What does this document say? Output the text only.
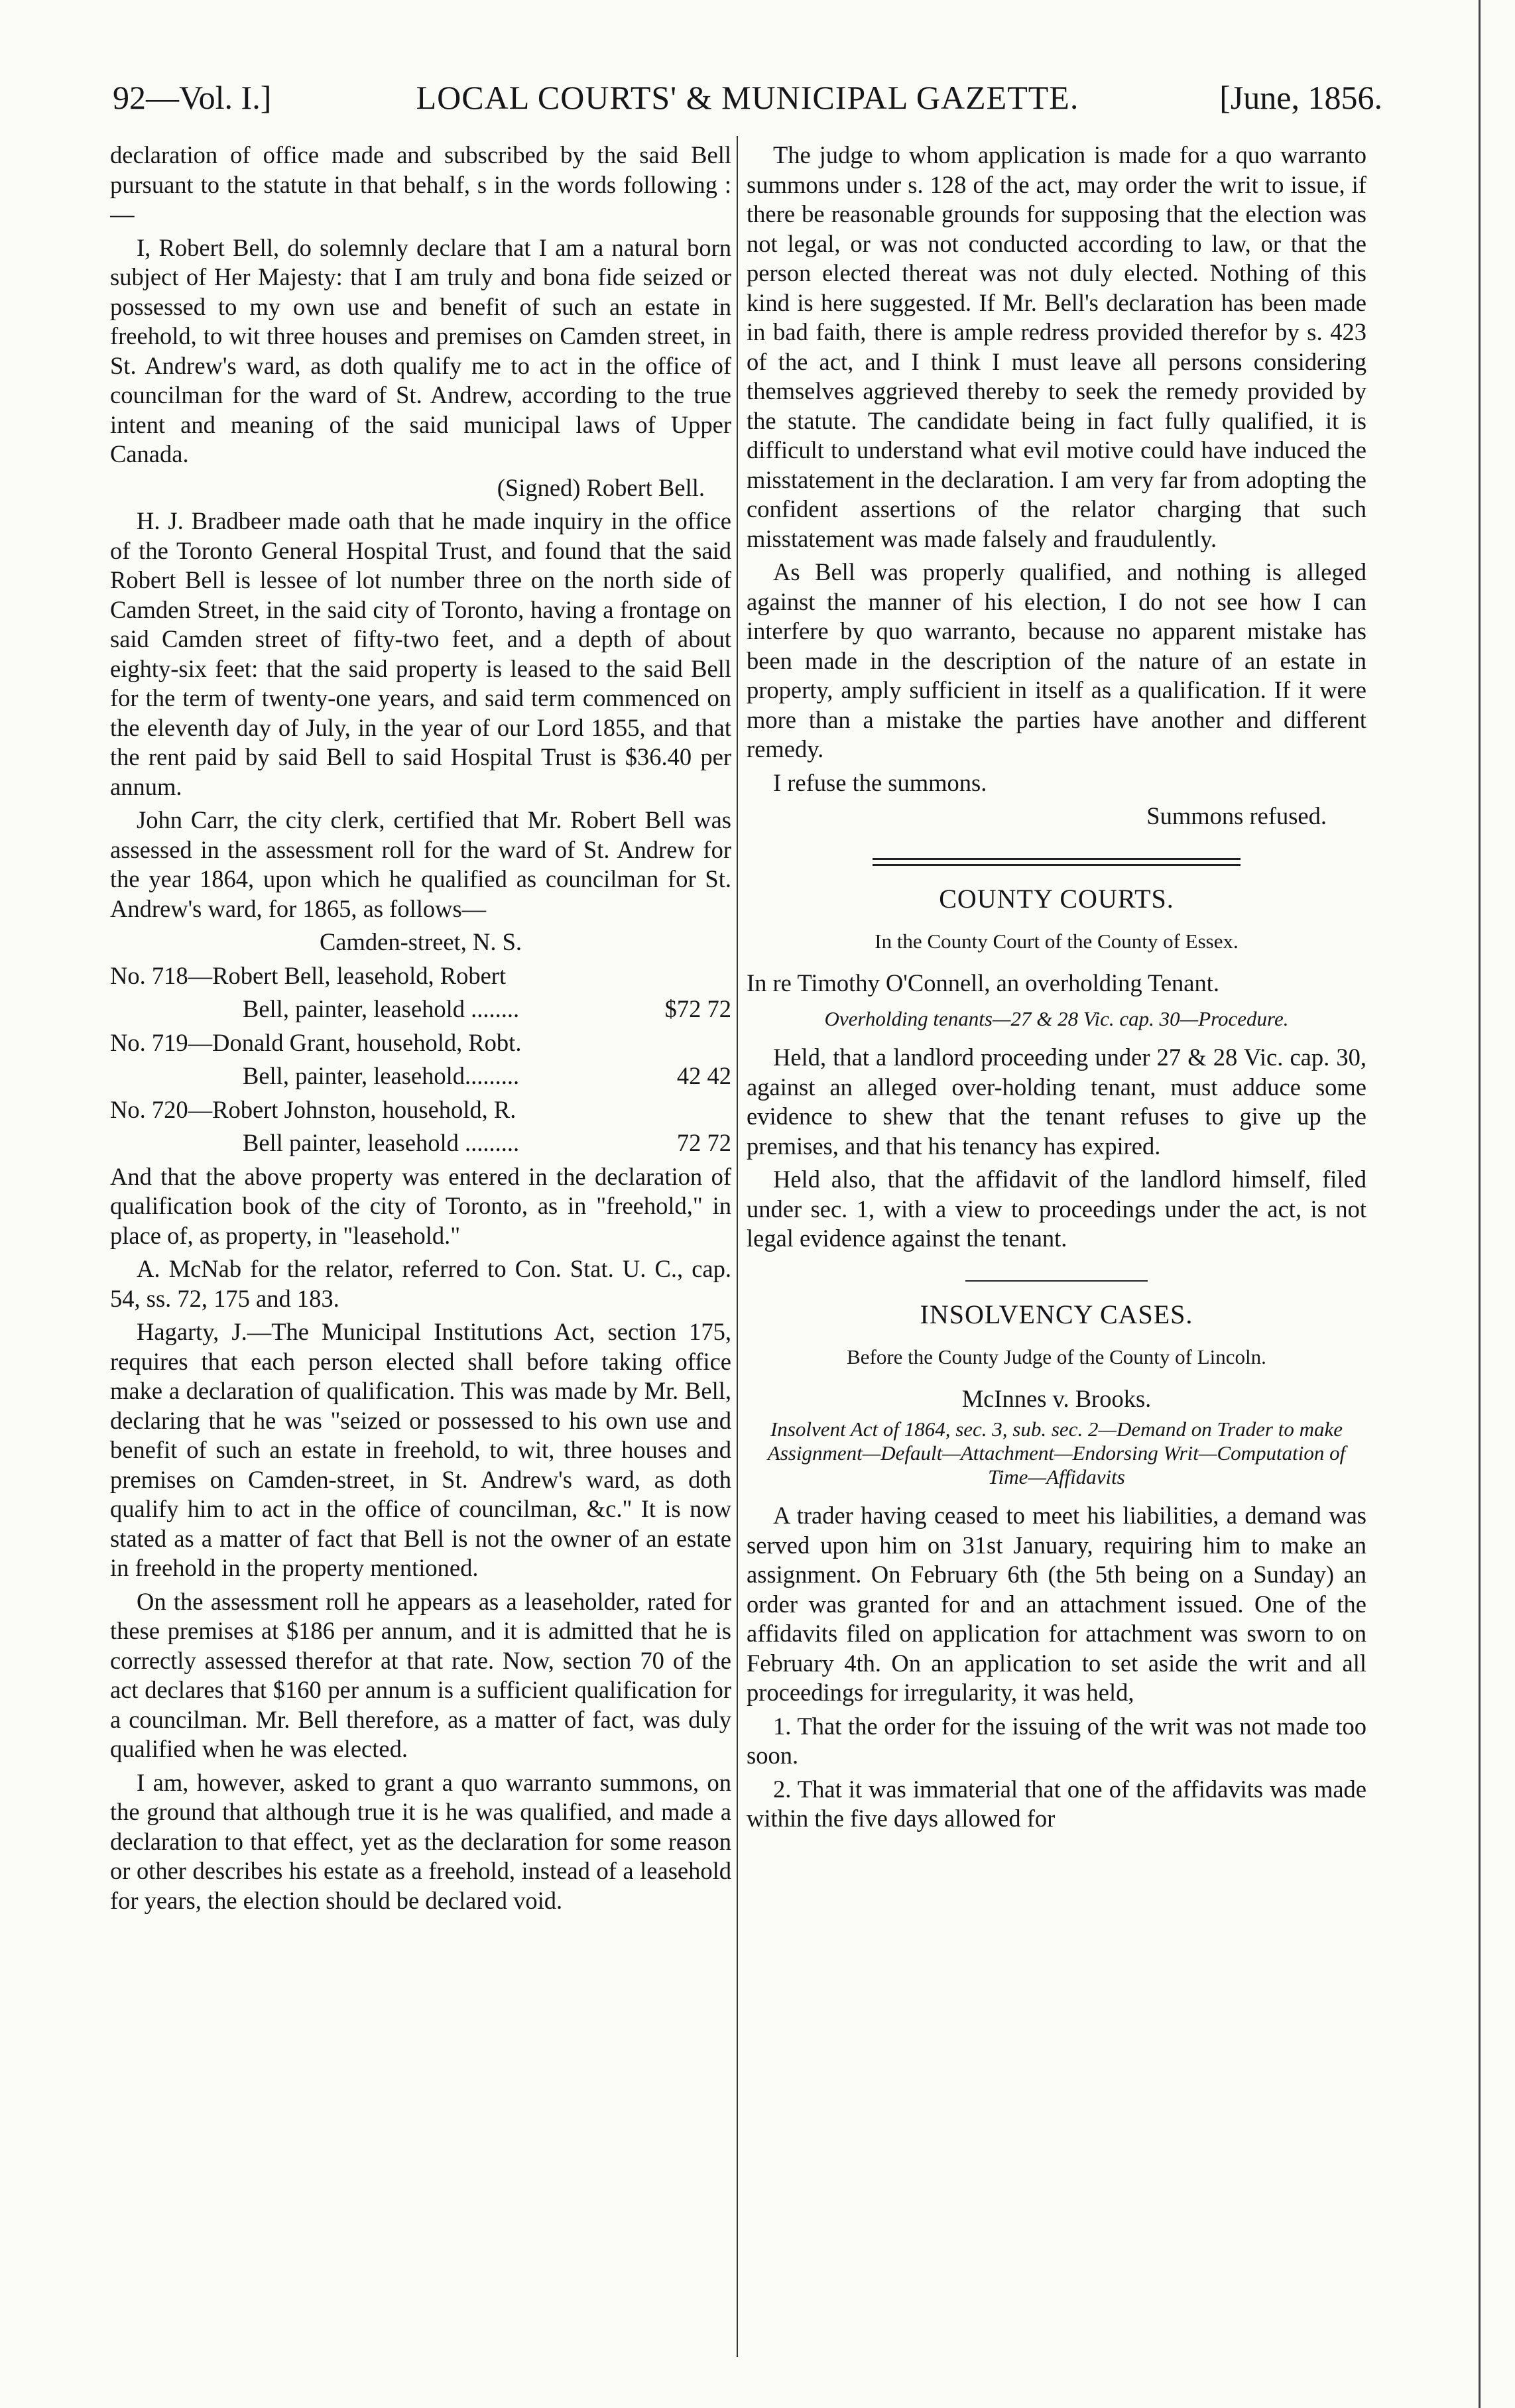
92—Vol. I.]	LOCAL COURTS' & MUNICIPAL GAZETTE.	[June, 1856.

declaration of office made and subscribed by the said Bell pursuant to the statute in that behalf, s in the words following :—

I, Robert Bell, do solemnly declare that I am a natural born subject of Her Majesty: that I am truly and bona fide seized or possessed to my own use and benefit of such an estate in freehold, to wit three houses and premises on Camden street, in St. Andrew's ward, as doth qualify me to act in the office of councilman for the ward of St. Andrew, according to the true intent and meaning of the said municipal laws of Upper Canada.

(Signed) Robert Bell.

H. J. Bradbeer made oath that he made inquiry in the office of the Toronto General Hospital Trust, and found that the said Robert Bell is lessee of lot number three on the north side of Camden Street, in the said city of Toronto, having a frontage on said Camden street of fifty-two feet, and a depth of about eighty-six feet: that the said property is leased to the said Bell for the term of twenty-one years, and said term commenced on the eleventh day of July, in the year of our Lord 1855, and that the rent paid by said Bell to said Hospital Trust is $36.40 per annum.

John Carr, the city clerk, certified that Mr. Robert Bell was assessed in the assessment roll for the ward of St. Andrew for the year 1864, upon which he qualified as councilman for St. Andrew's ward, for 1865, as follows—

Camden-street, N. S.

No. 718—Robert Bell, leasehold, Robert

$72 72
Bell, painter, leasehold ........

No. 719—Donald Grant, household, Robt.

42 42
Bell, painter, leasehold.........

No. 720—Robert Johnston, household, R.

72 72
Bell painter, leasehold .........

And that the above property was entered in the declaration of qualification book of the city of Toronto, as in "freehold," in place of, as property, in "leasehold."

A. McNab for the relator, referred to Con. Stat. U. C., cap. 54, ss. 72, 175 and 183.

Hagarty, J.—The Municipal Institutions Act, section 175, requires that each person elected shall before taking office make a declaration of qualification. This was made by Mr. Bell, declaring that he was "seized or possessed to his own use and benefit of such an estate in freehold, to wit, three houses and premises on Camden-street, in St. Andrew's ward, as doth qualify him to act in the office of councilman, &c." It is now stated as a matter of fact that Bell is not the owner of an estate in freehold in the property mentioned.

On the assessment roll he appears as a leaseholder, rated for these premises at $186 per annum, and it is admitted that he is correctly assessed therefor at that rate. Now, section 70 of the act declares that $160 per annum is a sufficient qualification for a councilman. Mr. Bell therefore, as a matter of fact, was duly qualified when he was elected.

I am, however, asked to grant a quo warranto summons, on the ground that although true it is he was qualified, and made a declaration to that effect, yet as the declaration for some reason or other describes his estate as a freehold, instead of a leasehold for years, the election should be declared void.

The judge to whom application is made for a quo warranto summons under s. 128 of the act, may order the writ to issue, if there be reasonable grounds for supposing that the election was not legal, or was not conducted according to law, or that the person elected thereat was not duly elected. Nothing of this kind is here suggested. If Mr. Bell's declaration has been made in bad faith, there is ample redress provided therefor by s. 423 of the act, and I think I must leave all persons considering themselves aggrieved thereby to seek the remedy provided by the statute. The candidate being in fact fully qualified, it is difficult to understand what evil motive could have induced the misstatement in the declaration. I am very far from adopting the confident assertions of the relator charging that such misstatement was made falsely and fraudulently.

As Bell was properly qualified, and nothing is alleged against the manner of his election, I do not see how I can interfere by quo warranto, because no apparent mistake has been made in the description of the nature of an estate in property, amply sufficient in itself as a qualification. If it were more than a mistake the parties have another and different remedy.

I refuse the summons.

Summons refused.

COUNTY COURTS.

In the County Court of the County of Essex.

In re Timothy O'Connell, an overholding Tenant.

Overholding tenants—27 & 28 Vic. cap. 30—Procedure.

Held, that a landlord proceeding under 27 & 28 Vic. cap. 30, against an alleged over-holding tenant, must adduce some evidence to shew that the tenant refuses to give up the premises, and that his tenancy has expired.

Held also, that the affidavit of the landlord himself, filed under sec. 1, with a view to proceedings under the act, is not legal evidence against the tenant.

INSOLVENCY CASES.

Before the County Judge of the County of Lincoln.

McInnes v. Brooks.

Insolvent Act of 1864, sec. 3, sub. sec. 2—Demand on Trader to make Assignment—Default—Attachment—Endorsing Writ—Computation of Time—Affidavits

A trader having ceased to meet his liabilities, a demand was served upon him on 31st January, requiring him to make an assignment. On February 6th (the 5th being on a Sunday) an order was granted for and an attachment issued. One of the affidavits filed on application for attachment was sworn to on February 4th. On an application to set aside the writ and all proceedings for irregularity, it was held,

1. That the order for the issuing of the writ was not made too soon.

2. That it was immaterial that one of the affidavits was made within the five days allowed for
